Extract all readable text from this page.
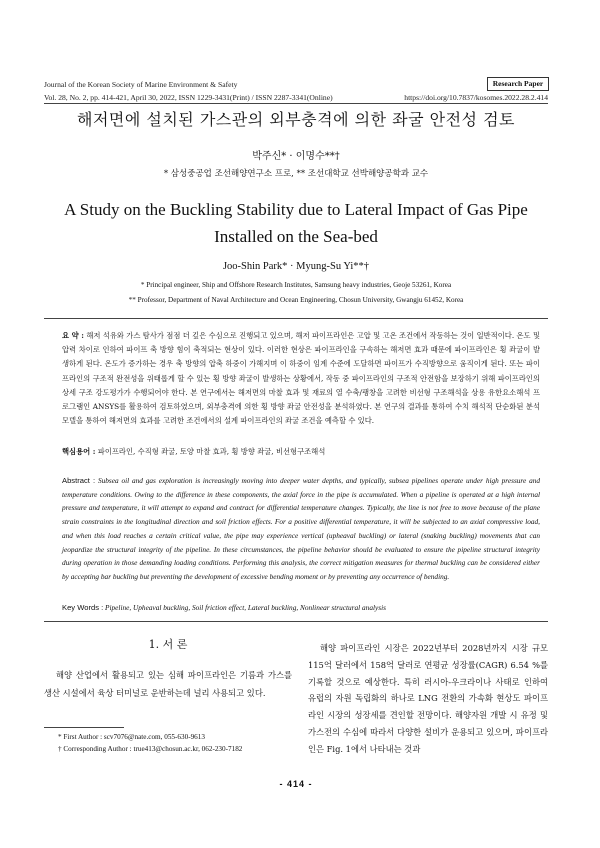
Journal of the Korean Society of Marine Environment & Safety	Research Paper
Vol. 28, No. 2, pp. 414-421, April 30, 2022, ISSN 1229-3431(Print) / ISSN 2287-3341(Online)	https://doi.org/10.7837/kosomes.2022.28.2.414
해저면에 설치된 가스관의 외부충격에 의한 좌굴 안전성 검토
박주신* · 이명수**†
* 삼성중공업 조선해양연구소 프로, ** 조선대학교 선박해양공학과 교수
A Study on the Buckling Stability due to Lateral Impact of Gas Pipe Installed on the Sea-bed
Joo-Shin Park* · Myung-Su Yi**†
* Principal engineer, Ship and Offshore Research Institutes, Samsung heavy industries, Geoje 53261, Korea
** Professor, Department of Naval Architecture and Ocean Engineering, Chosun University, Gwangju 61452, Korea
요 약 : 해저 석유와 가스 탐사가 점점 더 깊은 수심으로 진행되고 있으며, 해저 파이프라인은 고압 및 고온 조건에서 작동하는 것이 일반적이다. 온도 및 압력 차이로 인하여 파이프 축 방향 힘이 축적되는 현상이 있다. 이러한 현상은 파이프라인을 구속하는 해저면 효과 때문에 파이프라인은 횡 좌굴이 발생하게 된다. 온도가 증가하는 경우 축 방향의 압축 하중이 가해지며 이 하중이 임계 수준에 도달하면 파이프가 수직방향으로 움직이게 된다. 또는 파이프라인의 구조적 완전성을 위태롭게 할 수 있는 횡 방향 좌굴이 발생하는 상황에서, 작동 중 파이프라인의 구조적 안전함을 보장하기 위해 파이프라인의 상세 구조 강도평가가 수행되어야 한다. 본 연구에서는 해저면의 마찰 효과 및 재료의 열 수축/팽창을 고려한 비선형 구조해석을 상용 유한요소해석 프로그램인 ANSYS를 활용하여 검토하였으며, 외부충격에 의한 횡 방향 좌굴 안전성을 분석하였다. 본 연구의 결과를 통하여 수치 해석적 단순화된 분석 모델을 통하여 해저면의 효과를 고려한 조건에서의 설계 파이프라인의 좌굴 조건을 예측할 수 있다.
핵심용어 : 파이프라인, 수직형 좌굴, 토양 마찰 효과, 횡 방향 좌굴, 비선형구조해석
Abstract : Subsea oil and gas exploration is increasingly moving into deeper water depths, and typically, subsea pipelines operate under high pressure and temperature conditions. Owing to the difference in these components, the axial force in the pipe is accumulated. When a pipeline is operated at a high internal pressure and temperature, it will attempt to expand and contract for differential temperature changes. Typically, the line is not free to move because of the plane strain constraints in the longitudinal direction and soil friction effects. For a positive differential temperature, it will be subjected to an axial compressive load, and when this load reaches a certain critical value, the pipe may experience vertical (upheaval buckling) or lateral (snaking buckling) movements that can jeopardize the structural integrity of the pipeline. In these circumstances, the pipeline behavior should be evaluated to ensure the pipeline structural integrity during operation in those demanding loading conditions. Performing this analysis, the correct mitigation measures for thermal buckling can be considered either by accepting bar buckling but preventing the development of excessive bending moment or by preventing any occurrence of bending.
Key Words : Pipeline, Upheaval buckling, Soil friction effect, Lateral buckling, Nonlinear structural analysis
1. 서 론
해양 산업에서 활용되고 있는 심해 파이프라인은 기름과 가스를 생산 시설에서 육상 터미널로 운반하는데 널리 사용되고 있다.
해양 파이프라인 시장은 2022년부터 2028년까지 시장 규모 115억 달러에서 158억 달러로 연평균 성장률(CAGR) 6.54 %를 기록할 것으로 예상한다. 특히 러시아-우크라이나 사태로 인하여 유럽의 자원 독립화의 하나로 LNG 전환의 가속화 현상도 파이프라인 시장의 성장세를 견인할 전망이다. 해양자원 개발 시 유정 및 가스전의 수심에 따라서 다양한 설비가 운용되고 있으며, 파이프라인은 Fig. 1에서 나타내는 것과
* First Author : scv7076@nate.com, 055-630-9613
† Corresponding Author : true413@chosun.ac.kr, 062-230-7182
- 414 -
